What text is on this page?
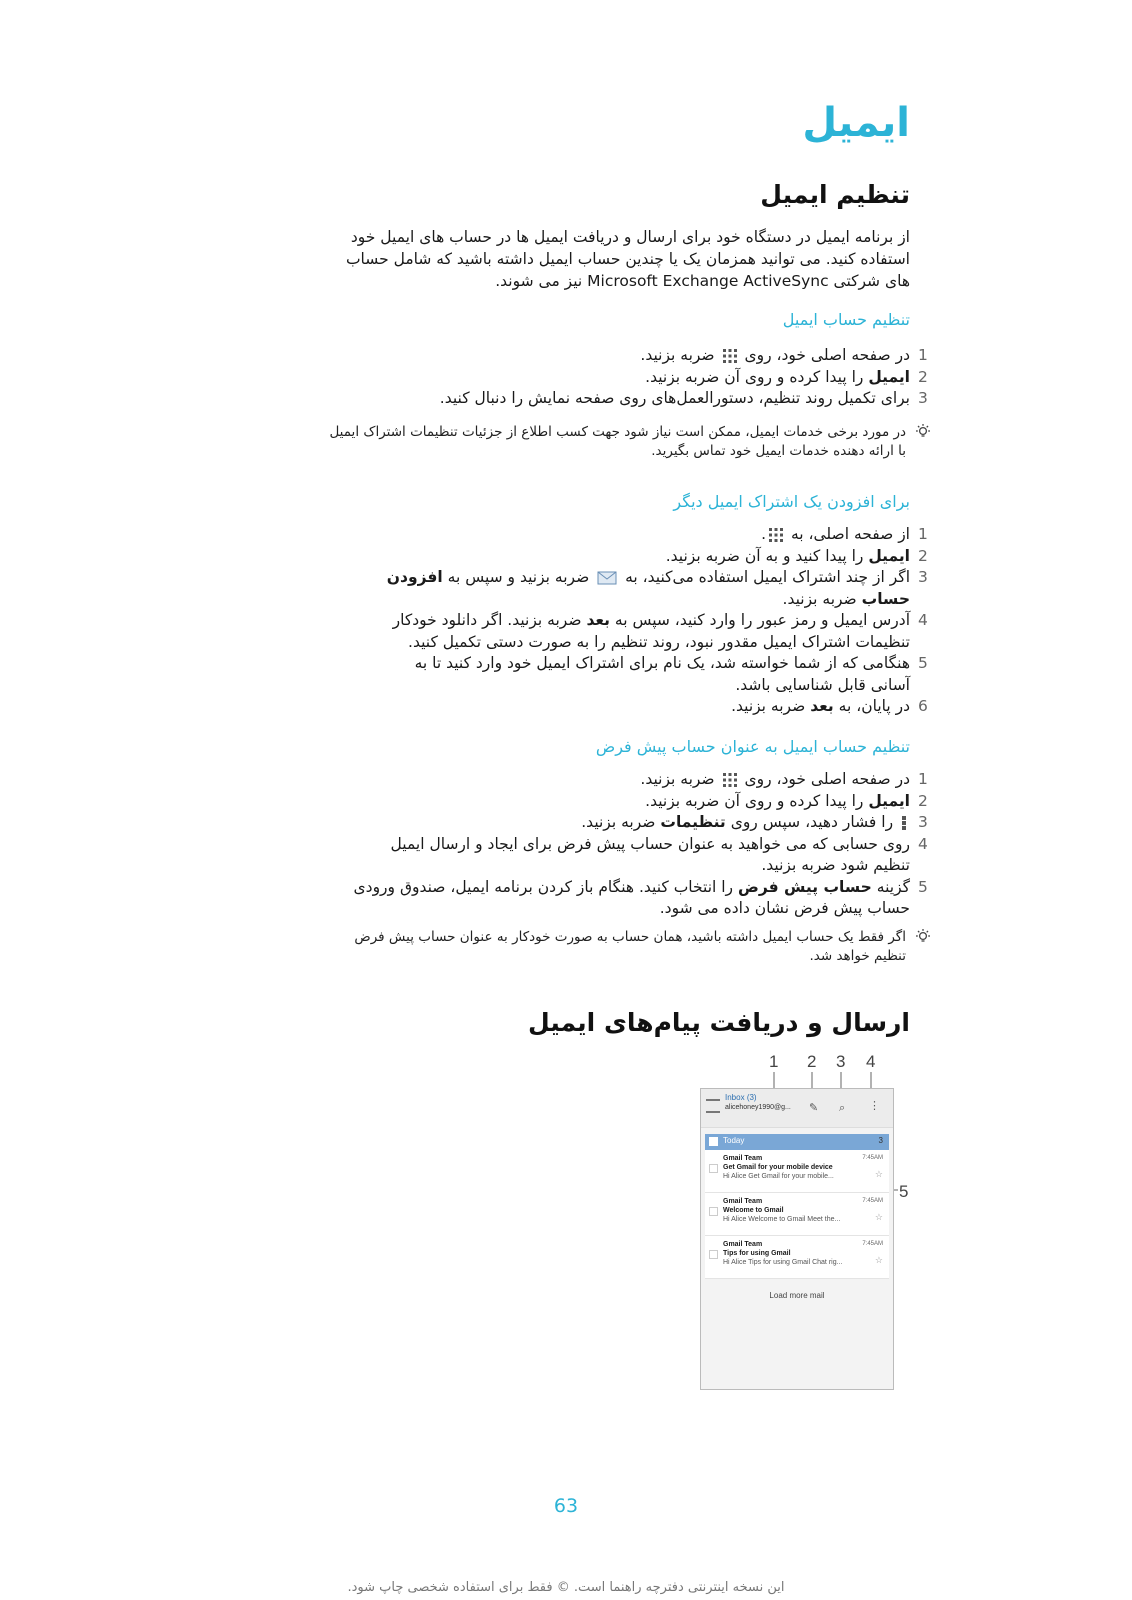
ایمیل
تنظیم ایمیل
از برنامه ایمیل در دستگاه خود برای ارسال و دریافت ایمیل ها در حساب های ایمیل خود
استفاده کنید. می توانید همزمان یک یا چندین حساب ایمیل داشته باشید که شامل حساب
های شرکتی Microsoft Exchange ActiveSync نیز می شوند.
تنظیم حساب ایمیل
1
در صفحه اصلی خود، روی  ضربه بزنید.
2
ایمیل را پیدا کرده و روی آن ضربه بزنید.
3
برای تکمیل روند تنظیم، دستورالعمل‌های روی صفحه نمایش را دنبال کنید.
در مورد برخی خدمات ایمیل، ممکن است نیاز شود جهت کسب اطلاع از جزئیات تنظیمات اشتراک ایمیل
با ارائه دهنده خدمات ایمیل خود تماس بگیرید.
برای افزودن یک اشتراک ایمیل دیگر
1
از صفحه اصلی، به .
2
ایمیل را پیدا کنید و به آن ضربه بزنید.
3
اگر از چند اشتراک ایمیل استفاده می‌کنید، به  ضربه بزنید و سپس به افزودن
حساب ضربه بزنید.
4
آدرس ایمیل و رمز عبور را وارد کنید، سپس به بعد ضربه بزنید. اگر دانلود خودکار
تنظیمات اشتراک ایمیل مقدور نبود، روند تنظیم را به صورت دستی تکمیل کنید.
5
هنگامی که از شما خواسته شد، یک نام برای اشتراک ایمیل خود وارد کنید تا به
آسانی قابل شناسایی باشد.
6
در پایان، به بعد ضربه بزنید.
تنظیم حساب ایمیل به عنوان حساب پیش فرض
1
در صفحه اصلی خود، روی  ضربه بزنید.
2
ایمیل را پیدا کرده و روی آن ضربه بزنید.
3
را فشار دهید، سپس روی تنظیمات ضربه بزنید.
4
روی حسابی که می خواهید به عنوان حساب پیش فرض برای ایجاد و ارسال ایمیل
تنظیم شود ضربه بزنید.
5
گزینه حساب پیش فرض را انتخاب کنید. هنگام باز کردن برنامه ایمیل، صندوق ورودی
حساب پیش فرض نشان داده می شود.
اگر فقط یک حساب ایمیل داشته باشید، همان حساب به صورت خودکار به عنوان حساب پیش فرض
تنظیم خواهد شد.
ارسال و دریافت پیام‌های ایمیل
1 2 3 4
5
Inbox (3)
alicehoney1990@g... ✎ ⌕ ⋮
Today	3
Gmail Team	7:45AM
Get Gmail for your mobile device
Hi Alice Get Gmail for your mobile...	☆
Gmail Team	7:45AM
Welcome to Gmail
Hi Alice Welcome to Gmail Meet the...	☆
Gmail Team	7:45AM
Tips for using Gmail
Hi Alice Tips for using Gmail Chat rig...	☆
Load more mail
63
این نسخه اینترنتی دفترچه راهنما است. © فقط برای استفاده شخصی چاپ شود.
